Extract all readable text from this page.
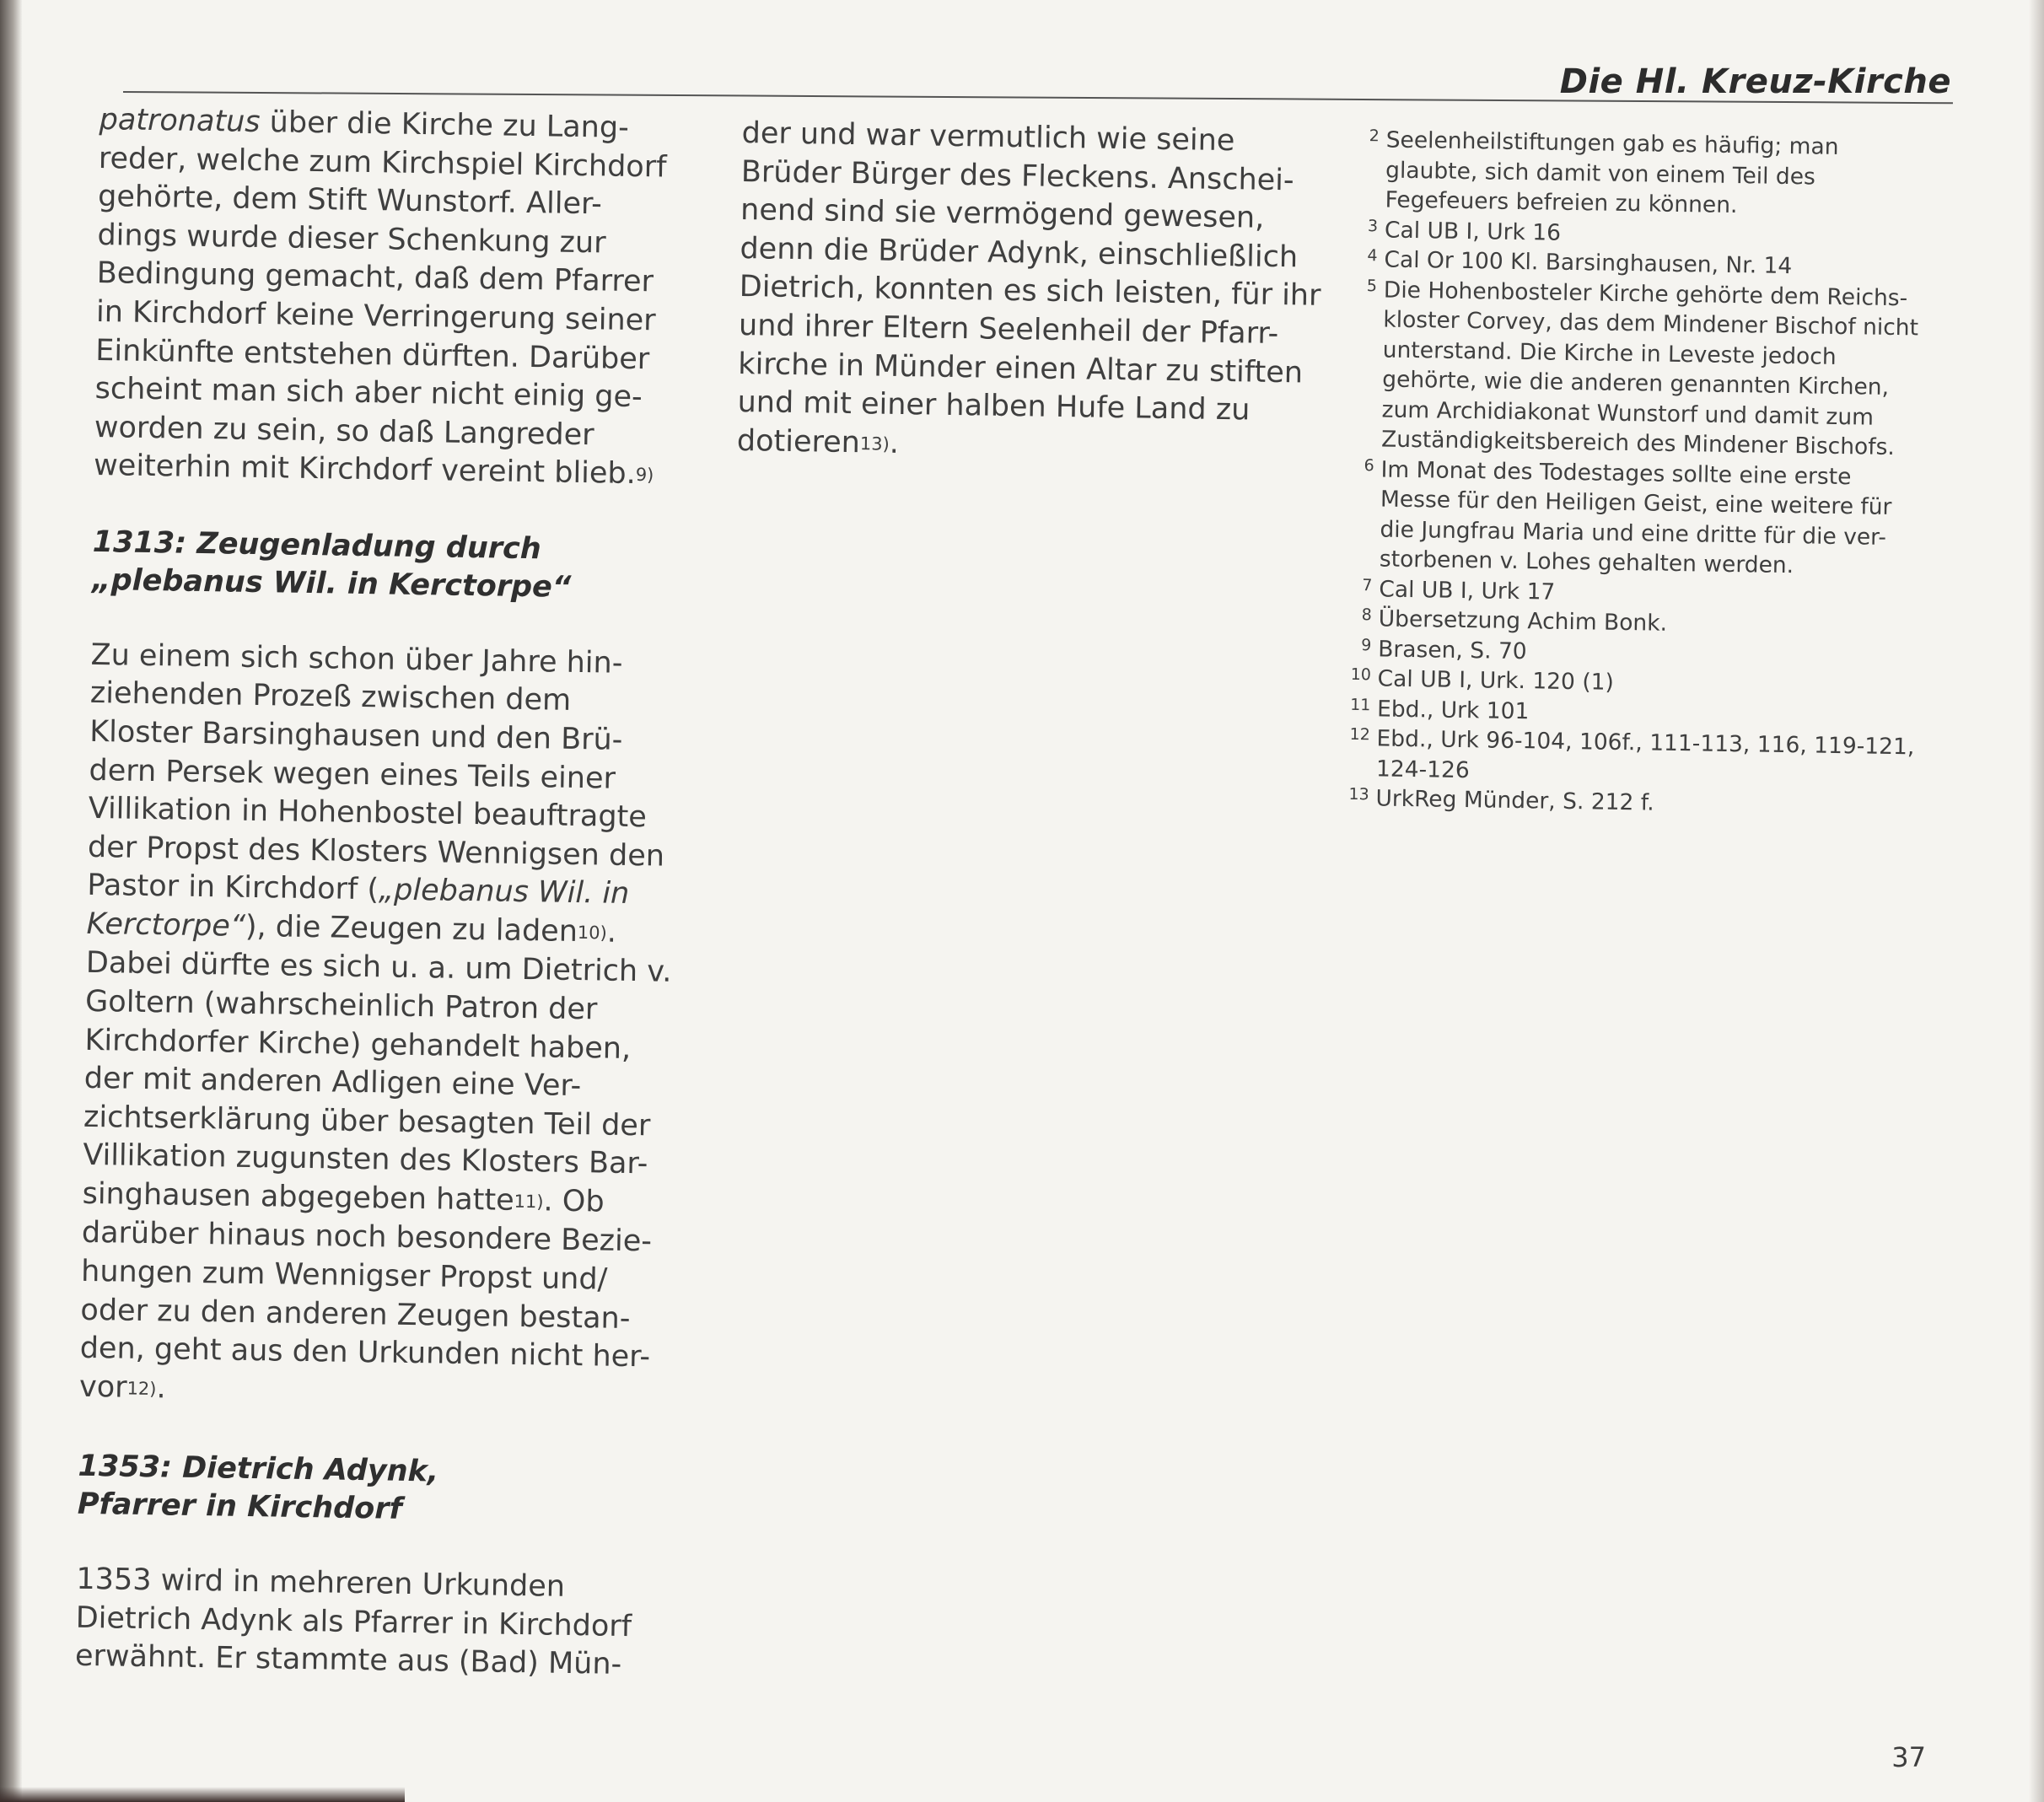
Die Hl. Kreuz-Kirche
patronatus über die Kirche zu Lang-
reder, welche zum Kirchspiel Kirchdorf
gehörte, dem Stift Wunstorf. Aller-
dings wurde dieser Schenkung zur
Bedingung gemacht, daß dem Pfarrer
in Kirchdorf keine Verringerung seiner
Einkünfte entstehen dürften. Darüber
scheint man sich aber nicht einig ge-
worden zu sein, so daß Langreder
weiterhin mit Kirchdorf vereint blieb.9)
1313: Zeugenladung durch
„plebanus Wil. in Kerctorpe“
Zu einem sich schon über Jahre hin-
ziehenden Prozeß zwischen dem
Kloster Barsinghausen und den Brü-
dern Persek wegen eines Teils einer
Villikation in Hohenbostel beauftragte
der Propst des Klosters Wennigsen den
Pastor in Kirchdorf („plebanus Wil. in
Kerctorpe“), die Zeugen zu laden10).
Dabei dürfte es sich u. a. um Dietrich v.
Goltern (wahrscheinlich Patron der
Kirchdorfer Kirche) gehandelt haben,
der mit anderen Adligen eine Ver-
zichtserklärung über besagten Teil der
Villikation zugunsten des Klosters Bar-
singhausen abgegeben hatte11). Ob
darüber hinaus noch besondere Bezie-
hungen zum Wennigser Propst und/
oder zu den anderen Zeugen bestan-
den, geht aus den Urkunden nicht her-
vor12).
1353: Dietrich Adynk,
Pfarrer in Kirchdorf
1353 wird in mehreren Urkunden
Dietrich Adynk als Pfarrer in Kirchdorf
erwähnt. Er stammte aus (Bad) Mün-
der und war vermutlich wie seine
Brüder Bürger des Fleckens. Anschei-
nend sind sie vermögend gewesen,
denn die Brüder Adynk, einschließlich
Dietrich, konnten es sich leisten, für ihr
und ihrer Eltern Seelenheil der Pfarr-
kirche in Münder einen Altar zu stiften
und mit einer halben Hufe Land zu
dotieren13).
2 Seelenheilstiftungen gab es häufig; man
glaubte, sich damit von einem Teil des
Fegefeuers befreien zu können.
3 Cal UB I, Urk 16
4 Cal Or 100 Kl. Barsinghausen, Nr. 14
5 Die Hohenbosteler Kirche gehörte dem Reichs-
kloster Corvey, das dem Mindener Bischof nicht
unterstand. Die Kirche in Leveste jedoch
gehörte, wie die anderen genannten Kirchen,
zum Archidiakonat Wunstorf und damit zum
Zuständigkeitsbereich des Mindener Bischofs.
6 Im Monat des Todestages sollte eine erste
Messe für den Heiligen Geist, eine weitere für
die Jungfrau Maria und eine dritte für die ver-
storbenen v. Lohes gehalten werden.
7 Cal UB I, Urk 17
8 Übersetzung Achim Bonk.
9 Brasen, S. 70
10 Cal UB I, Urk. 120 (1)
11 Ebd., Urk 101
12 Ebd., Urk 96-104, 106f., 111-113, 116, 119-121,
124-126
13 UrkReg Münder, S. 212 f.
37
